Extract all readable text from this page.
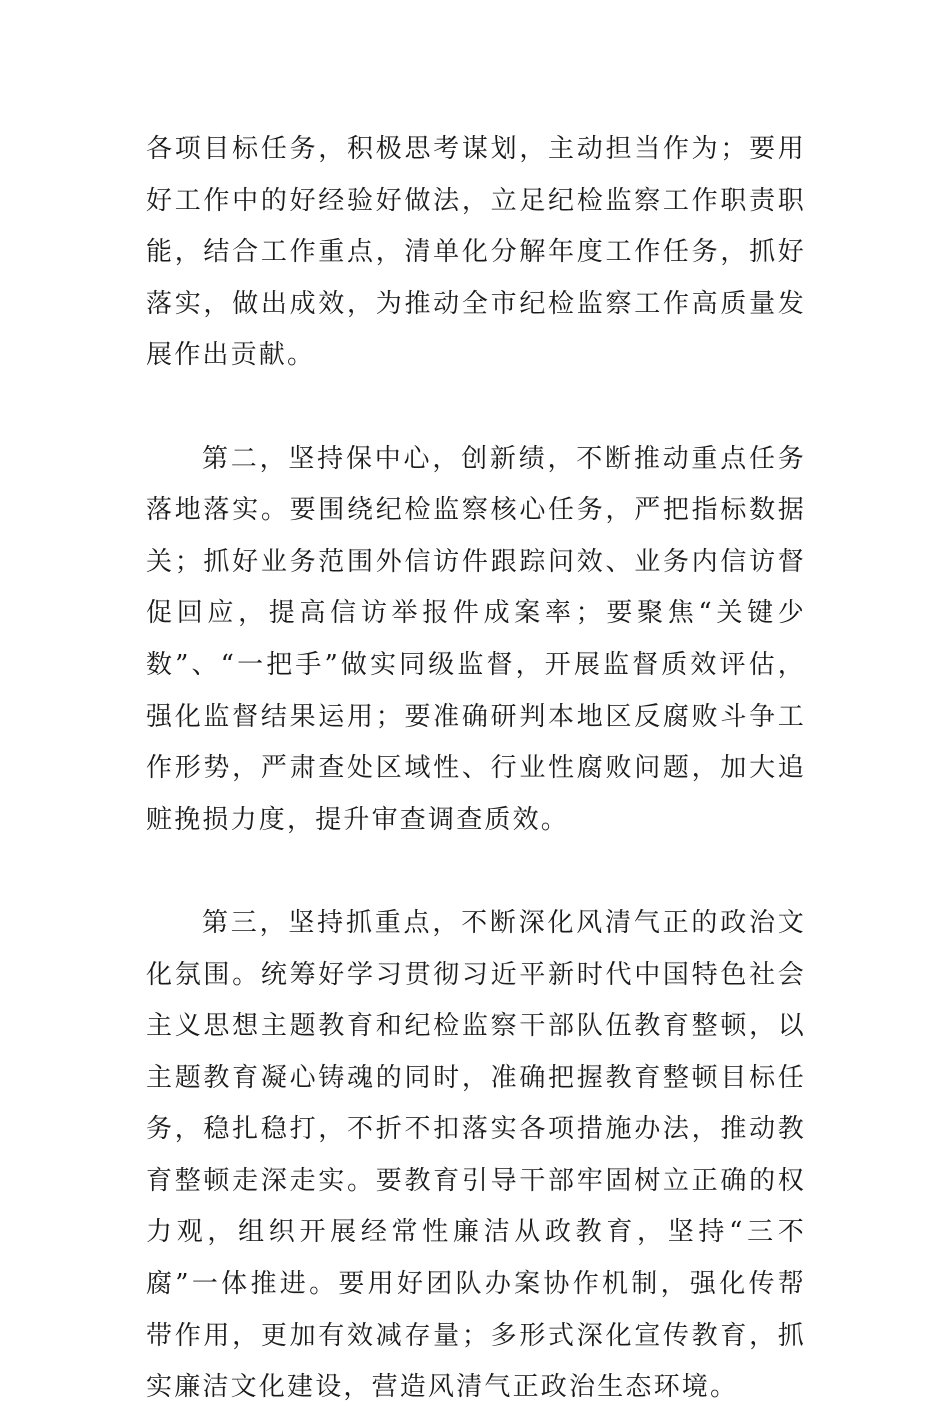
各项目标任务，积极思考谋划，主动担当作为；要用好工作中的好经验好做法，立足纪检监察工作职责职能，结合工作重点，清单化分解年度工作任务，抓好落实，做出成效，为推动全市纪检监察工作高质量发展作出贡献。

第二，坚持保中心，创新绩，不断推动重点任务落地落实。要围绕纪检监察核心任务，严把指标数据关；抓好业务范围外信访件跟踪问效、业务内信访督促回应，提高信访举报件成案率；要聚焦“关键少数”、“一把手”做实同级监督，开展监督质效评估，强化监督结果运用；要准确研判本地区反腐败斗争工作形势，严肃查处区域性、行业性腐败问题，加大追赃挽损力度，提升审查调查质效。

第三，坚持抓重点，不断深化风清气正的政治文化氛围。统筹好学习贯彻习近平新时代中国特色社会主义思想主题教育和纪检监察干部队伍教育整顿，以主题教育凝心铸魂的同时，准确把握教育整顿目标任务，稳扎稳打，不折不扣落实各项措施办法，推动教育整顿走深走实。要教育引导干部牢固树立正确的权力观，组织开展经常性廉洁从政教育，坚持“三不腐”一体推进。要用好团队办案协作机制，强化传帮带作用，更加有效减存量；多形式深化宣传教育，抓实廉洁文化建设，营造风清气正政治生态环境。
